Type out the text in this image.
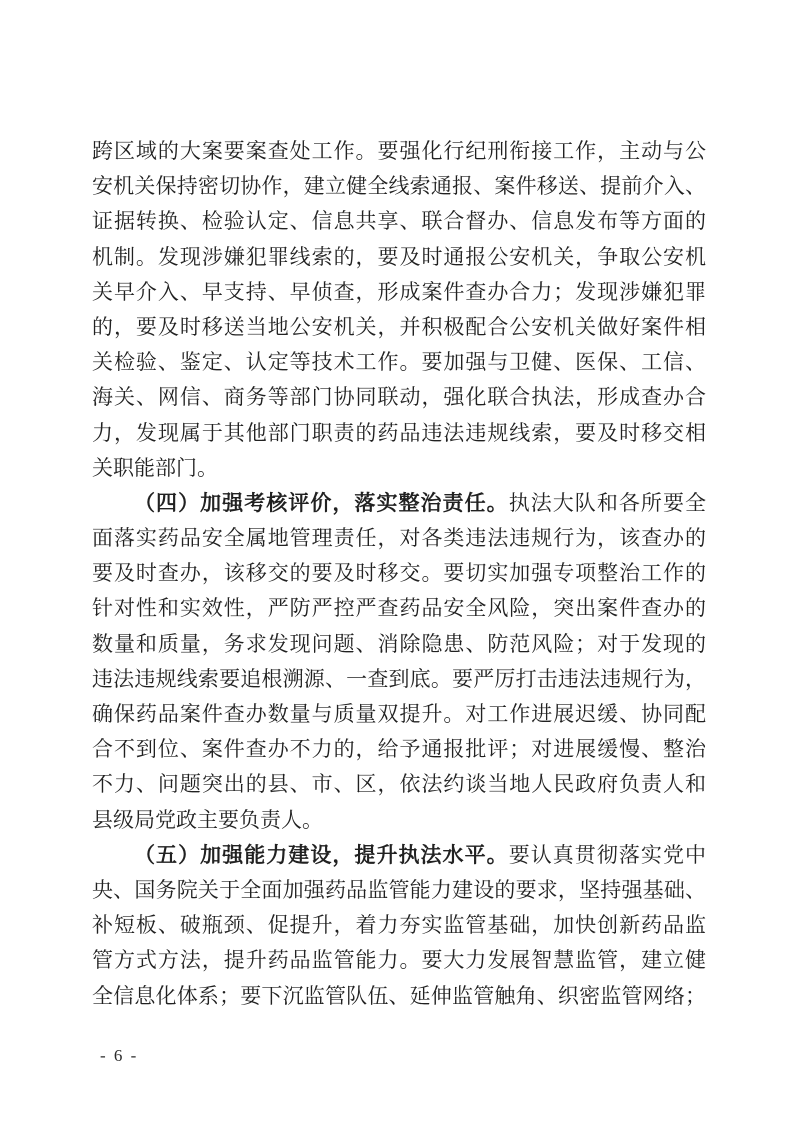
跨区域的大案要案查处工作。要强化行纪刑衔接工作，主动与公
安机关保持密切协作，建立健全线索通报、案件移送、提前介入、
证据转换、检验认定、信息共享、联合督办、信息发布等方面的
机制。发现涉嫌犯罪线索的，要及时通报公安机关，争取公安机
关早介入、早支持、早侦查，形成案件查办合力；发现涉嫌犯罪
的，要及时移送当地公安机关，并积极配合公安机关做好案件相
关检验、鉴定、认定等技术工作。要加强与卫健、医保、工信、
海关、网信、商务等部门协同联动，强化联合执法，形成查办合
力，发现属于其他部门职责的药品违法违规线索，要及时移交相
关职能部门。
（四）加强考核评价，落实整治责任。执法大队和各所要全
面落实药品安全属地管理责任，对各类违法违规行为，该查办的
要及时查办，该移交的要及时移交。要切实加强专项整治工作的
针对性和实效性，严防严控严查药品安全风险，突出案件查办的
数量和质量，务求发现问题、消除隐患、防范风险；对于发现的
违法违规线索要追根溯源、一查到底。要严厉打击违法违规行为，
确保药品案件查办数量与质量双提升。对工作进展迟缓、协同配
合不到位、案件查办不力的，给予通报批评；对进展缓慢、整治
不力、问题突出的县、市、区，依法约谈当地人民政府负责人和
县级局党政主要负责人。
（五）加强能力建设，提升执法水平。要认真贯彻落实党中
央、国务院关于全面加强药品监管能力建设的要求，坚持强基础、
补短板、破瓶颈、促提升，着力夯实监管基础，加快创新药品监
管方式方法，提升药品监管能力。要大力发展智慧监管，建立健
全信息化体系；要下沉监管队伍、延伸监管触角、织密监管网络；
- 6 -
